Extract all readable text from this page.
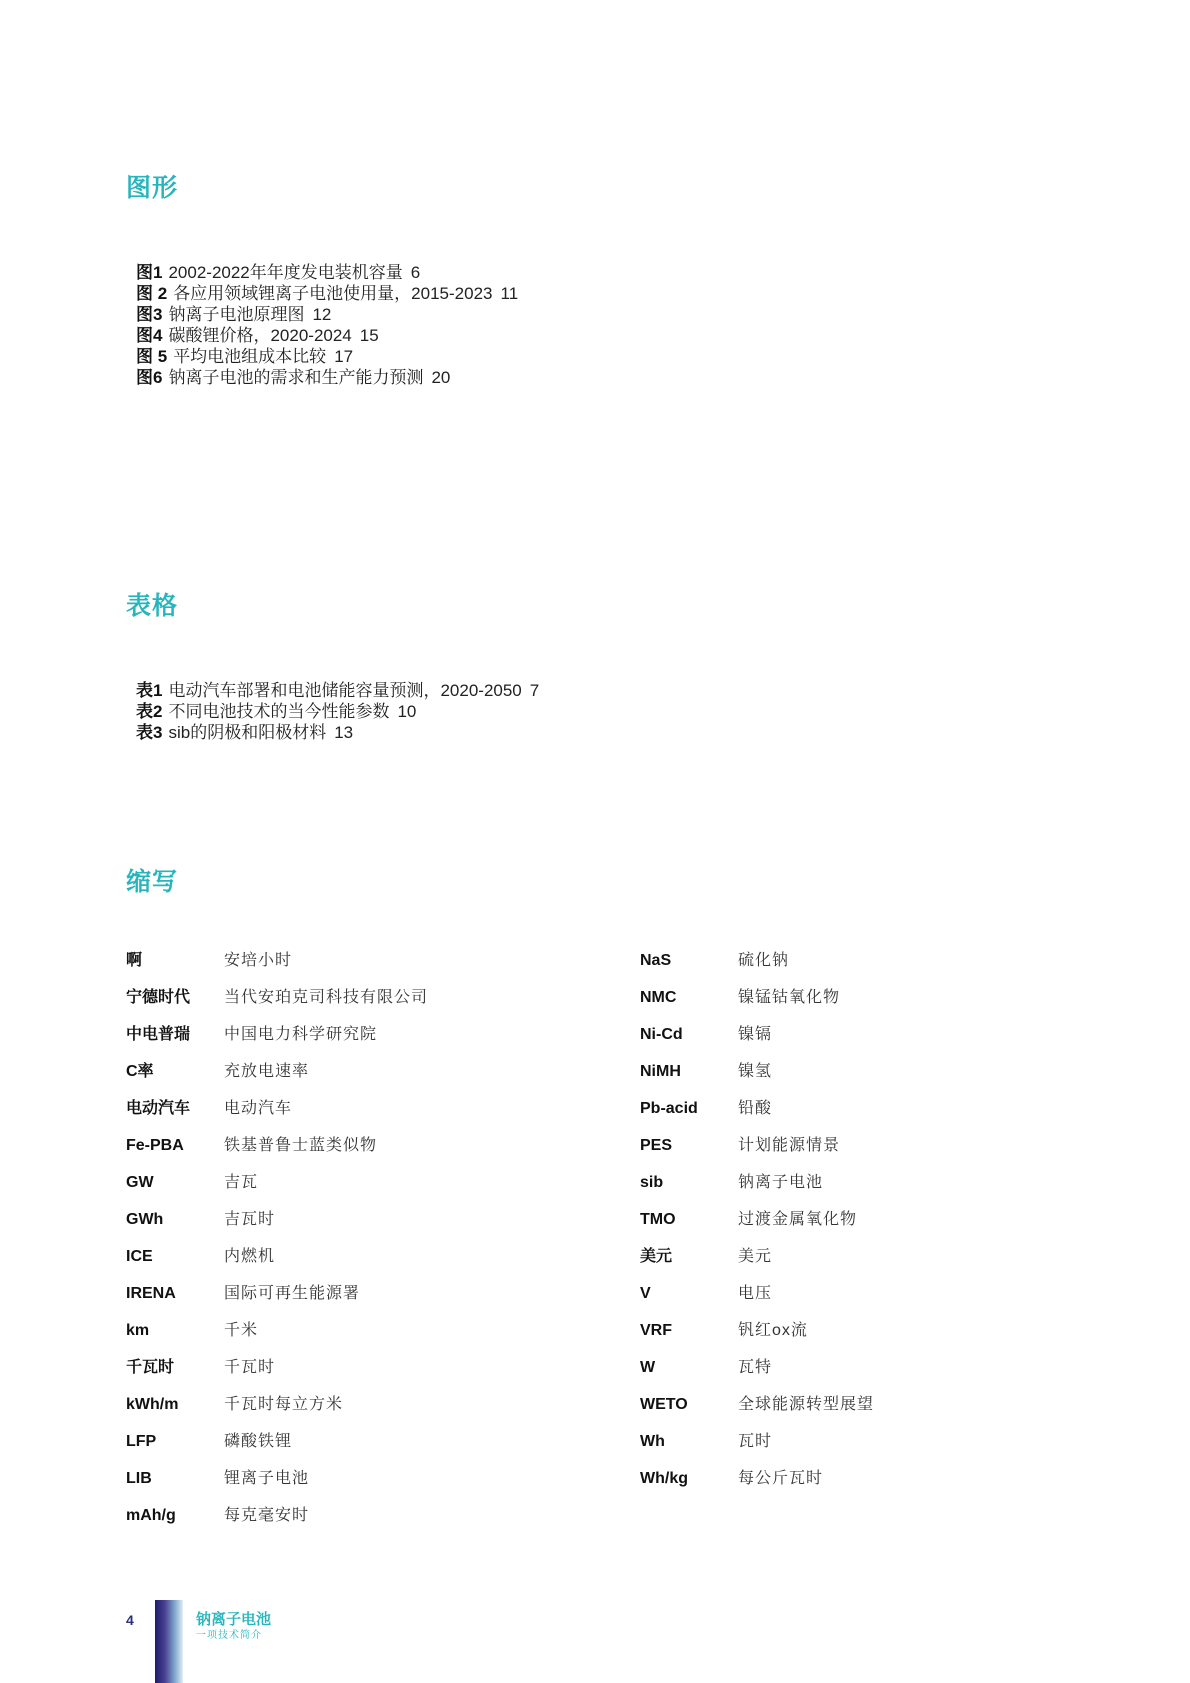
图形
图1 2002-2022年年度发电装机容量 6
图 2 各应用领域锂离子电池使用量，2015-2023 11
图3 钠离子电池原理图 12
图4 碳酸锂价格，2020-2024 15
图 5 平均电池组成本比较 17
图6 钠离子电池的需求和生产能力预测 20
表格
表1 电动汽车部署和电池储能容量预测，2020-2050 7
表2 不同电池技术的当今性能参数 10
表3 sib的阴极和阳极材料 13
缩写
啊	安培小时
宁德时代	当代安珀克司科技有限公司
中电普瑞	中国电力科学研究院
C率	充放电速率
电动汽车	电动汽车
Fe-PBA	铁基普鲁士蓝类似物
GW	吉瓦
GWh	吉瓦时
ICE	内燃机
IRENA	国际可再生能源署
km	千米
千瓦时	千瓦时
kWh/m	千瓦时每立方米
LFP	磷酸铁锂
LIB	锂离子电池
mAh/g	每克毫安时
NaS	硫化钠
NMC	镍锰钴氧化物
Ni-Cd	镍镉
NiMH	镍氢
Pb-acid	铅酸
PES	计划能源情景
sib	钠离子电池
TMO	过渡金属氧化物
美元	美元
V	电压
VRF	钒红ox流
W	瓦特
WETO	全球能源转型展望
Wh	瓦时
Wh/kg	每公斤瓦时
4	钠离子电池
一项技术简介
